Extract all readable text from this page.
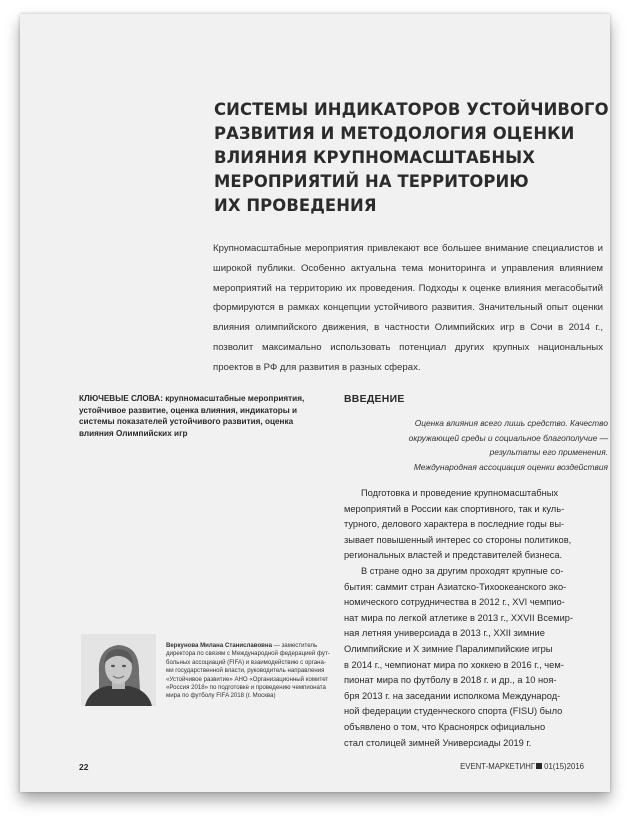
СИСТЕМЫ ИНДИКАТОРОВ УСТОЙЧИВОГО
РАЗВИТИЯ И МЕТОДОЛОГИЯ ОЦЕНКИ
ВЛИЯНИЯ КРУПНОМАСШТАБНЫХ
МЕРОПРИЯТИЙ НА ТЕРРИТОРИЮ
ИХ ПРОВЕДЕНИЯ

Крупномасштабные мероприятия привлекают все большее внимание специалистов и широкой публики. Особенно актуальна тема мониторинга и управления влиянием мероприятий на территорию их проведения. Подходы к оценке влияния мегасобытий формируются в рамках концепции устойчивого развития. Значительный опыт оценки влияния олимпийского движения, в частности Олимпийских игр в Сочи в 2014 г., позволит максимально использовать потенциал других крупных национальных проектов в РФ для развития в разных сферах.

КЛЮЧЕВЫЕ СЛОВА: крупномасштабные мероприятия, устойчивое развитие, оценка влияния, индикаторы и системы показателей устойчивого развития, оценка влияния Олимпийских игр
ВВЕДЕНИЕ
Оценка влияния всего лишь средство. Качество
окружающей среды и социальное благополучие —
результаты его применения.
Международная ассоциация оценки воздействия

Подготовка и проведение крупномасштабных
мероприятий в России как спортивного, так и куль-
турного, делового характера в последние годы вы-
зывает повышенный интерес со стороны политиков,
региональных властей и представителей бизнеса.

В стране одно за другим проходят крупные со-
бытия: саммит стран Азиатско-Тихоокеанского эко-
номического сотрудничества в 2012 г., XVI чемпио-
нат мира по легкой атлетике в 2013 г., XXVII Всемир-
ная летняя универсиада в 2013 г., XXII зимние
Олимпийские и Х зимние Паралимпийские игры
в 2014 г., чемпионат мира по хоккею в 2016 г., чем-
пионат мира по футболу в 2018 г. и др., а 10 ноя-
бря 2013 г. на заседании исполкома Международ-
ной федерации студенческого спорта (FISU) было
объявлено о том, что Красноярск официально
стал столицей зимней Универсиады 2019 г.

Веркунова Милана Станиславовна — заместитель
директора по связям с Международной федерацией фут-
больных ассоциаций (FIFA) и взаимодействию с органа-
ми государственной власти, руководитель направления
«Устойчивое развитие» АНО «Организационный комитет
«Россия 2018» по подготовке и проведению чемпионата
мира по футболу FIFA 2018 (г. Москва)
22	EVENT-МАРКЕТИНГ 01(15)2016
